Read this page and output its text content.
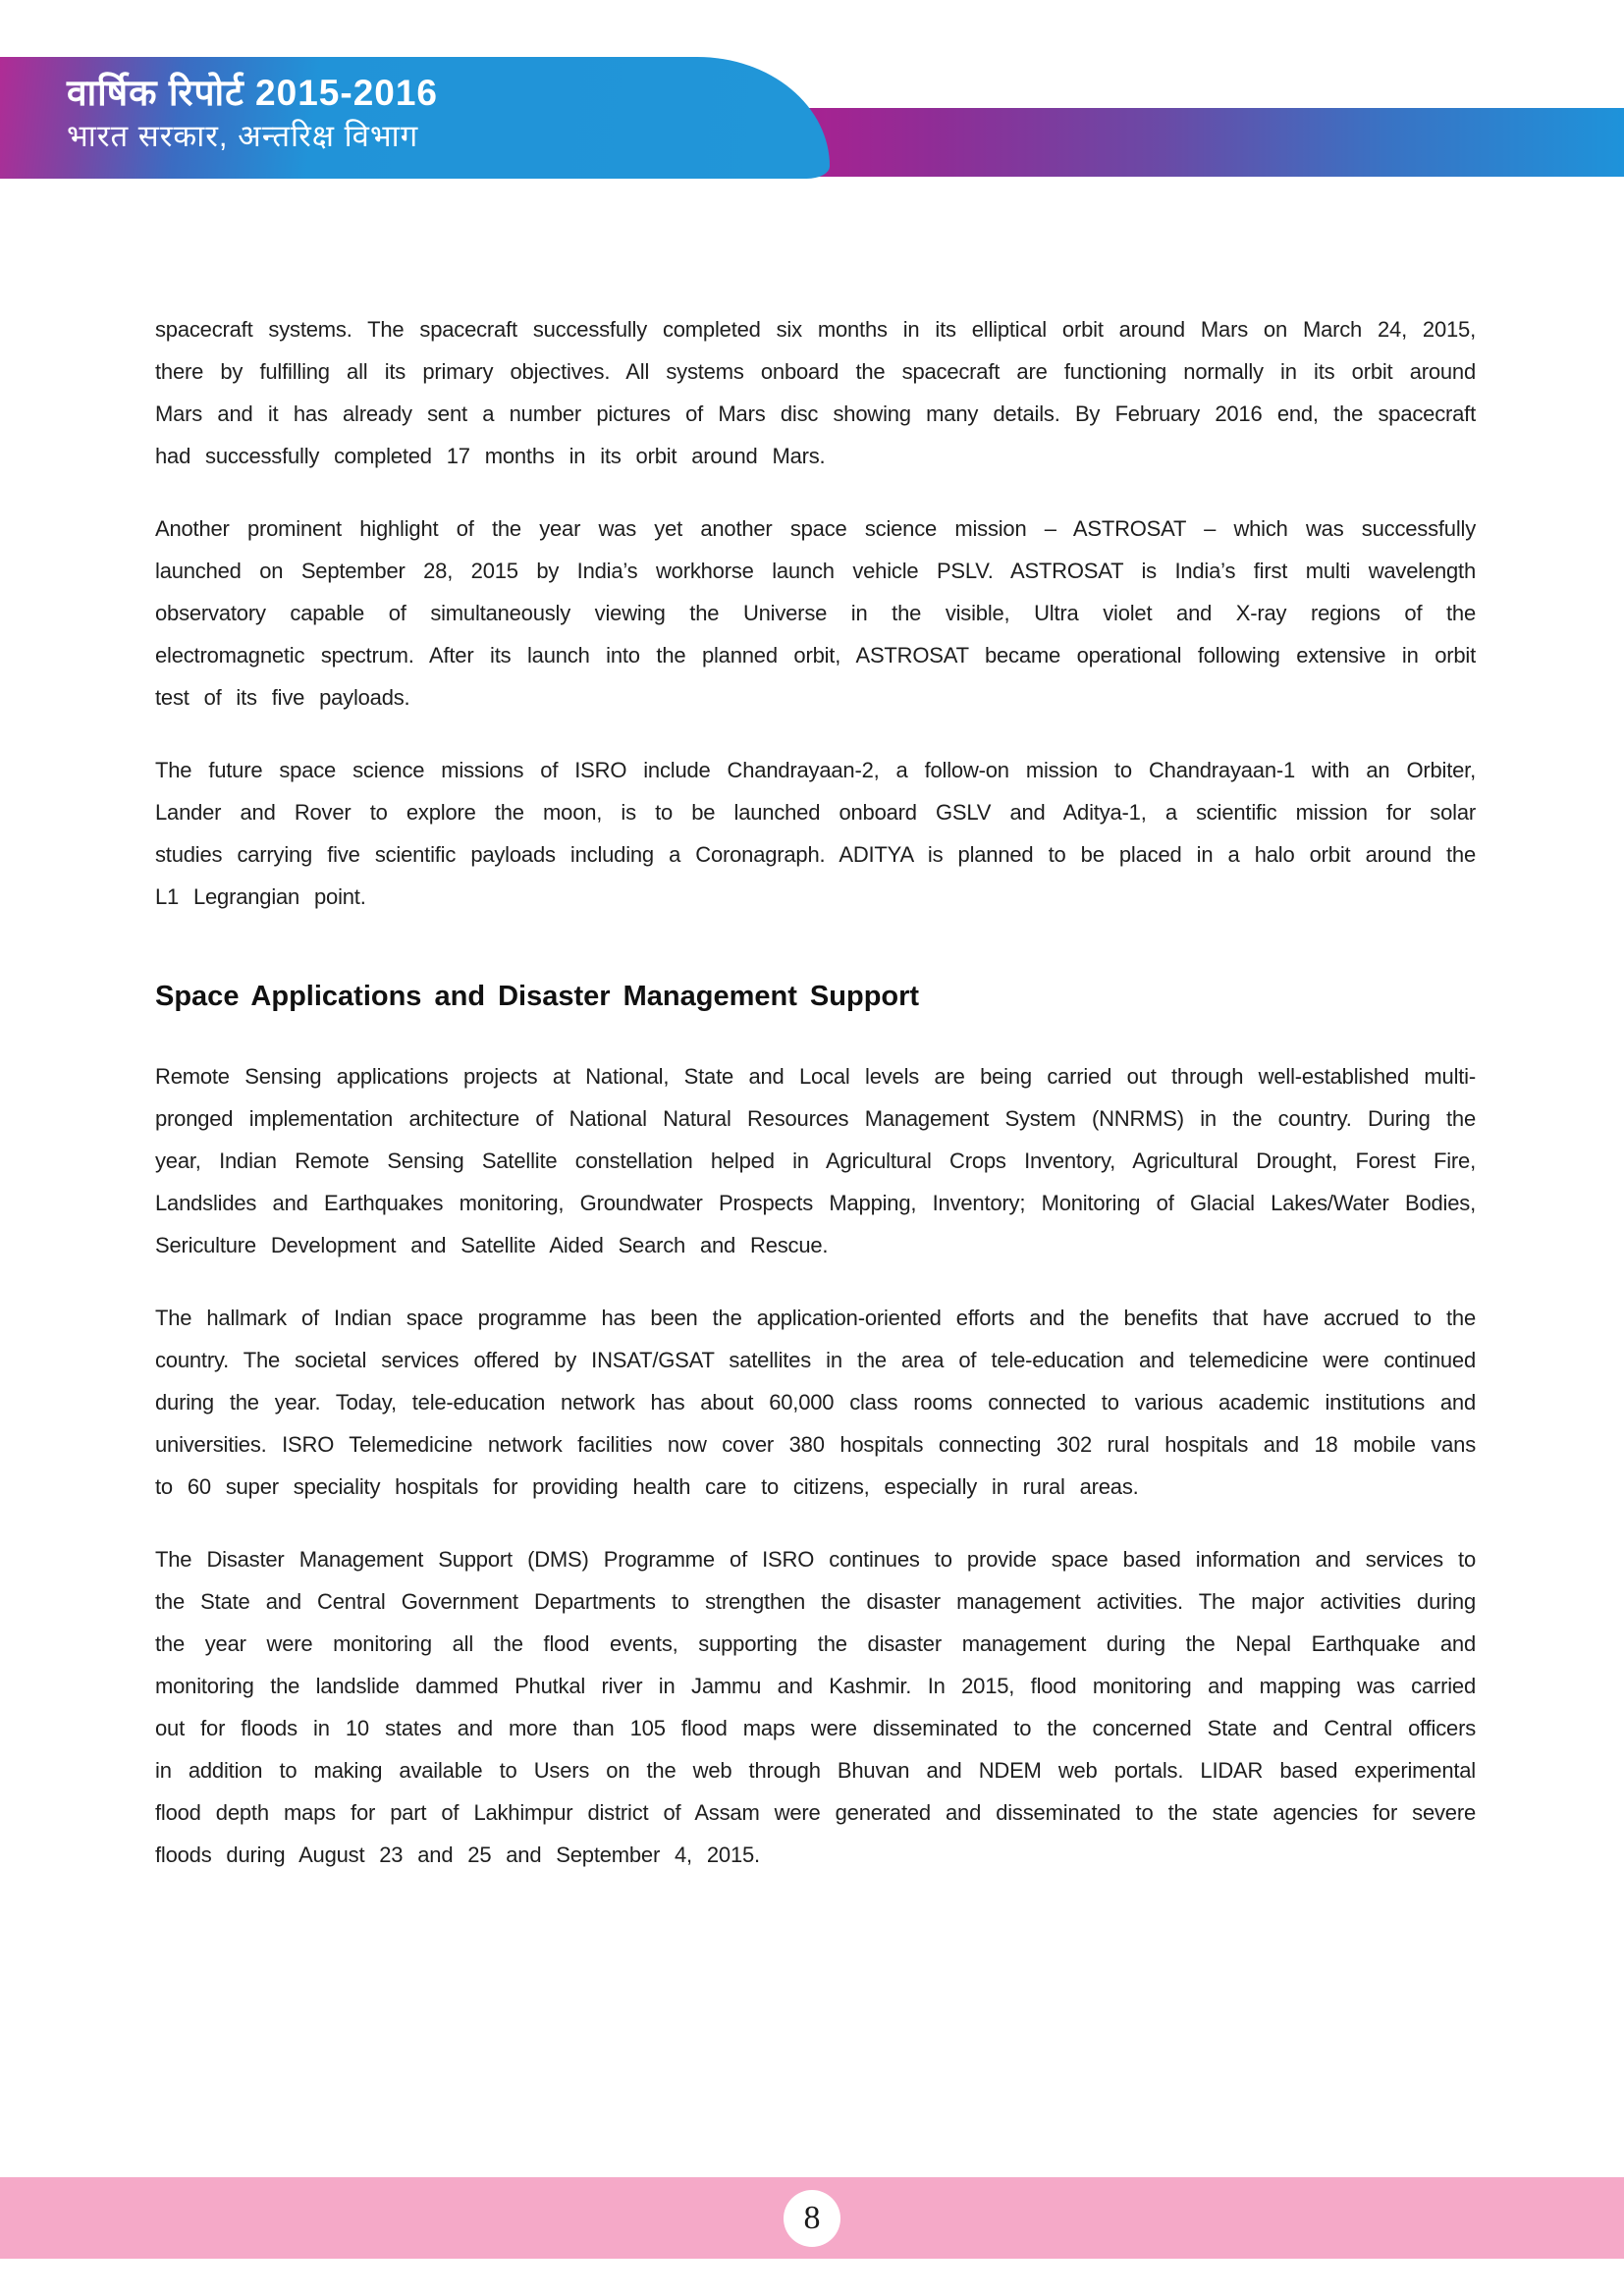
वार्षिक रिपोर्ट 2015-2016
भारत सरकार, अन्तरिक्ष विभाग

spacecraft systems. The spacecraft successfully completed six months in its elliptical orbit around Mars on March 24, 2015, there by fulfilling all its primary objectives. All systems onboard the spacecraft are functioning normally in its orbit around Mars and it has already sent a number pictures of Mars disc showing many details. By February 2016 end, the spacecraft had successfully completed 17 months in its orbit around Mars.

Another prominent highlight of the year was yet another space science mission – ASTROSAT – which was successfully launched on September 28, 2015 by India’s workhorse launch vehicle PSLV. ASTROSAT is India’s first multi wavelength observatory capable of simultaneously viewing the Universe in the visible, Ultra violet and X-ray regions of the electromagnetic spectrum. After its launch into the planned orbit, ASTROSAT became operational following extensive in orbit test of its five payloads.

The future space science missions of ISRO include Chandrayaan-2, a follow-on mission to Chandrayaan-1 with an Orbiter, Lander and Rover to explore the moon, is to be launched onboard GSLV and Aditya-1, a scientific mission for solar studies carrying five scientific payloads including a Coronagraph. ADITYA is planned to be placed in a halo orbit around the L1 Legrangian point.

Space Applications and Disaster Management Support

Remote Sensing applications projects at National, State and Local levels are being carried out through well-established multi-pronged implementation architecture of National Natural Resources Management System (NNRMS) in the country. During the year, Indian Remote Sensing Satellite constellation helped in Agricultural Crops Inventory, Agricultural Drought, Forest Fire, Landslides and Earthquakes monitoring, Groundwater Prospects Mapping, Inventory; Monitoring of Glacial Lakes/Water Bodies, Sericulture Development and Satellite Aided Search and Rescue.

The hallmark of Indian space programme has been the application-oriented efforts and the benefits that have accrued to the country. The societal services offered by INSAT/GSAT satellites in the area of tele-education and telemedicine were continued during the year. Today, tele-education network has about 60,000 class rooms connected to various academic institutions and universities. ISRO Telemedicine network facilities now cover 380 hospitals connecting 302 rural hospitals and 18 mobile vans to 60 super speciality hospitals for providing health care to citizens, especially in rural areas.

The Disaster Management Support (DMS) Programme of ISRO continues to provide space based information and services to the State and Central Government Departments to strengthen the disaster management activities. The major activities during the year were monitoring all the flood events, supporting the disaster management during the Nepal Earthquake and monitoring the landslide dammed Phutkal river in Jammu and Kashmir. In 2015, flood monitoring and mapping was carried out for floods in 10 states and more than 105 flood maps were disseminated to the concerned State and Central officers in addition to making available to Users on the web through Bhuvan and NDEM web portals. LIDAR based experimental flood depth maps for part of Lakhimpur district of Assam were generated and disseminated to the state agencies for severe floods during August 23 and 25 and September 4, 2015.

8
